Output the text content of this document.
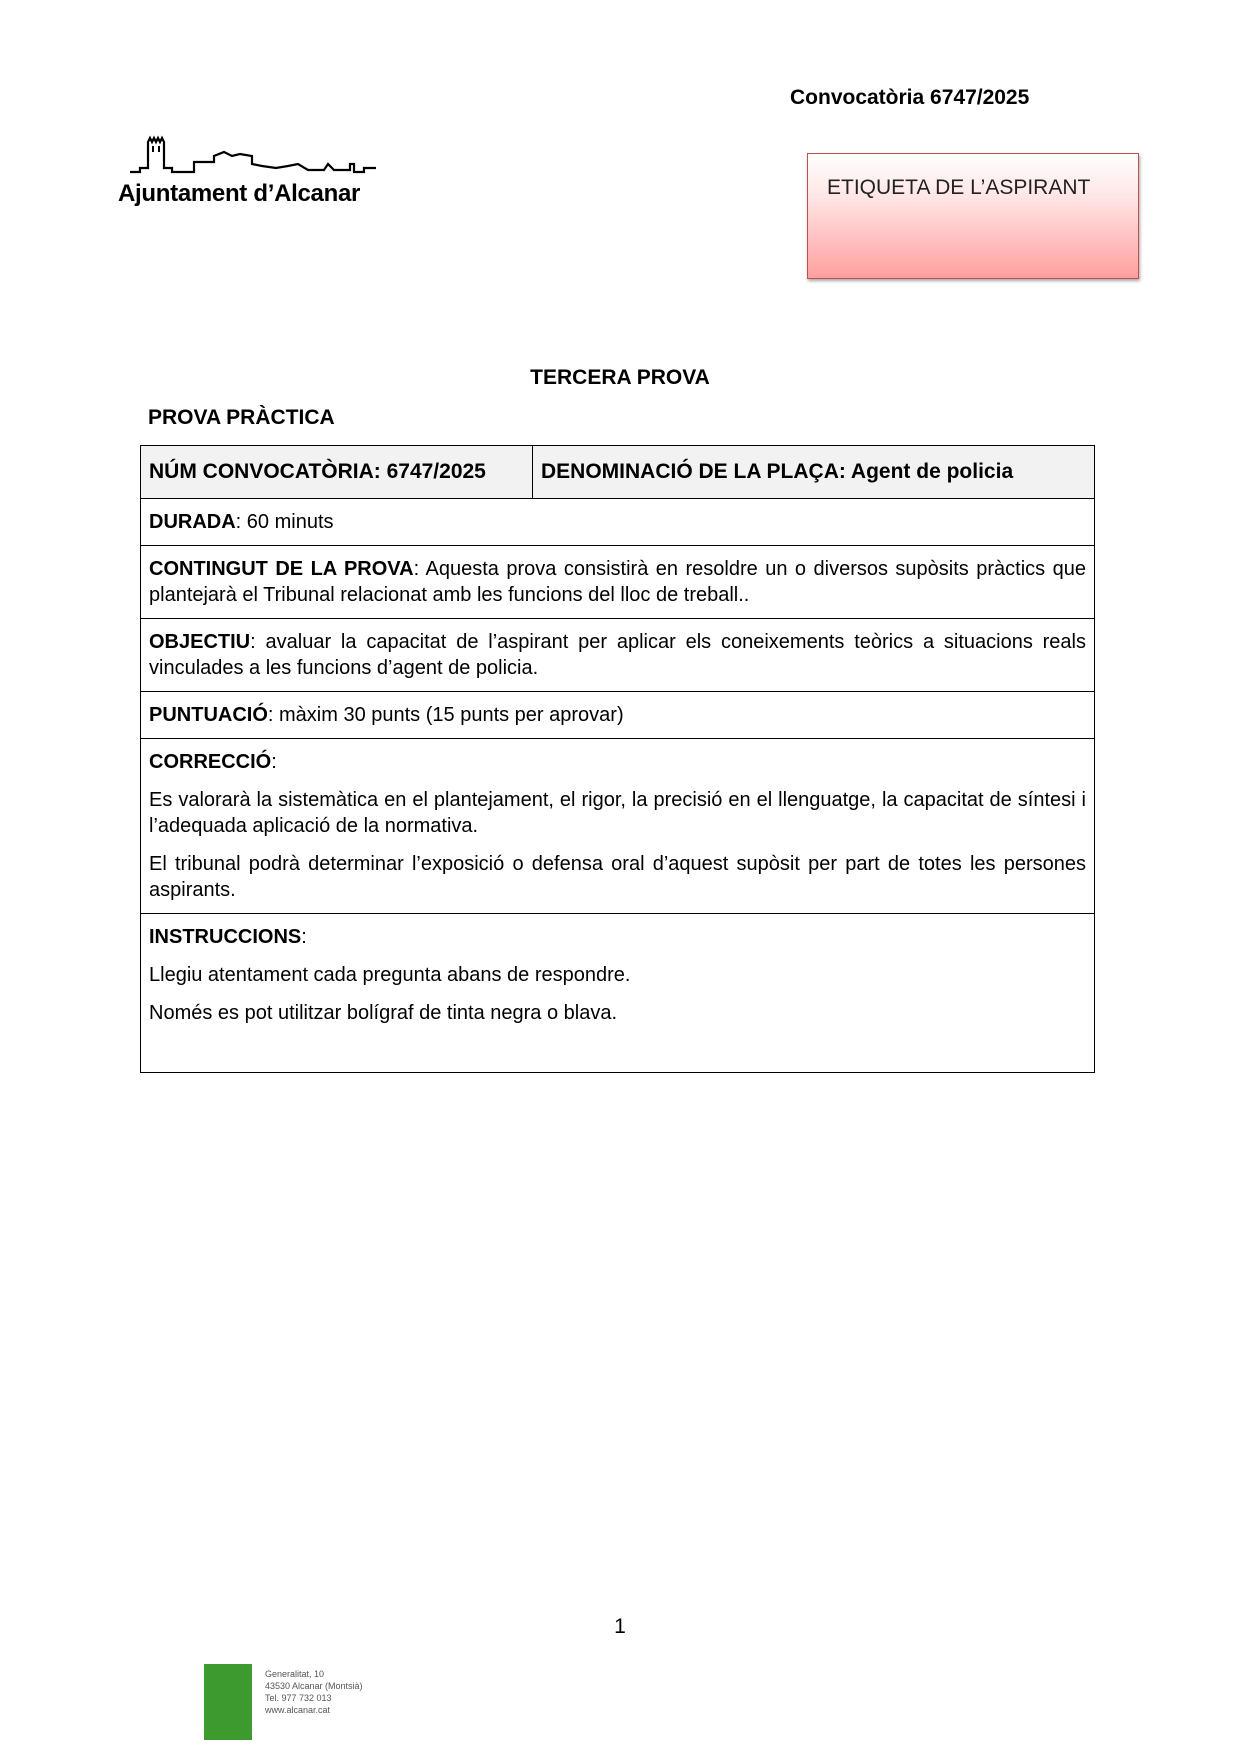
Convocatòria 6747/2025
Ajuntament d’Alcanar	ETIQUETA DE L’ASPIRANT
TERCERA PROVA
PROVA PRÀCTICA
NÚM CONVOCATÒRIA: 6747/2025	DENOMINACIÓ DE LA PLAÇA: Agent de policia
DURADA: 60 minuts
CONTINGUT DE LA PROVA: Aquesta prova consistirà en resoldre un o diversos supòsits pràctics que plantejarà el Tribunal relacionat amb les funcions del lloc de treball..
OBJECTIU: avaluar la capacitat de l’aspirant per aplicar els coneixements teòrics a situacions reals vinculades a les funcions d’agent de policia.
PUNTUACIÓ: màxim 30 punts (15 punts per aprovar)

CORRECCIÓ:

Es valorarà la sistemàtica en el plantejament, el rigor, la precisió en el llenguatge, la capacitat de síntesi i l’adequada aplicació de la normativa.

El tribunal podrà determinar l’exposició o defensa oral d’aquest supòsit per part de totes les persones aspirants.

INSTRUCCIONS:

Llegiu atentament cada pregunta abans de respondre.

Només es pot utilitzar bolígraf de tinta negra o blava.

1
Generalitat, 10
43530 Alcanar (Montsià)
Tel. 977 732 013
www.alcanar.cat
